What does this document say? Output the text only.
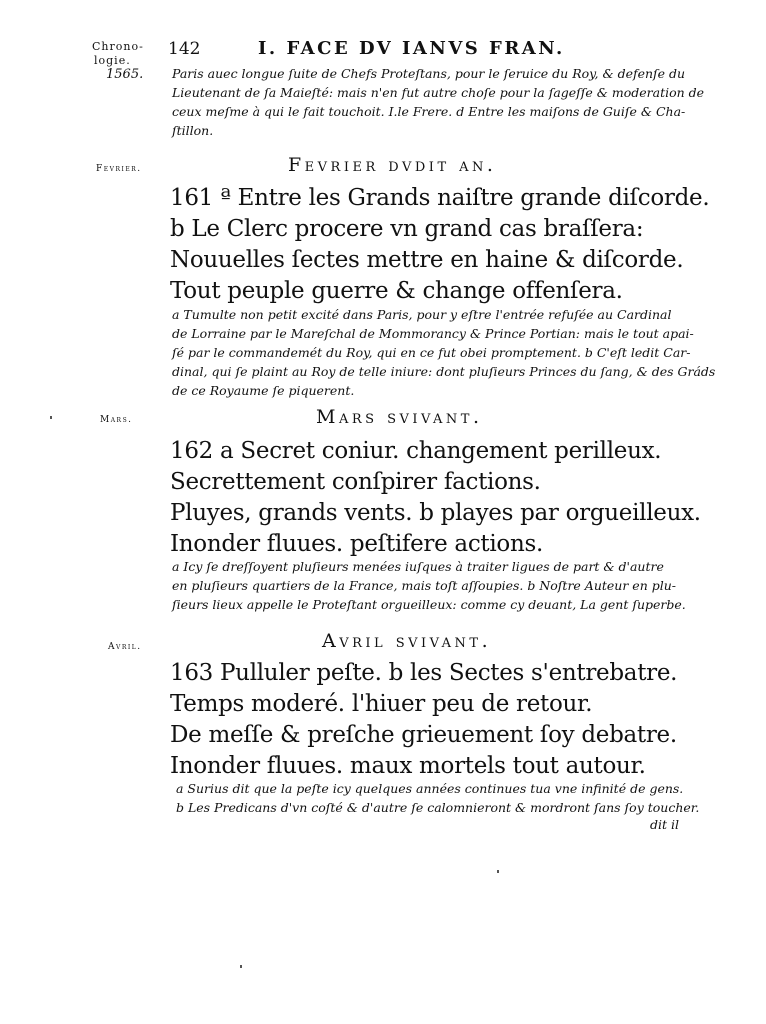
Chrono-
logie.
142	I. FACE DV IANVS FRAN.
1565. Paris auec longue ſuite de Chefs Proteſtans, pour le ſeruice du Roy, & defenſe du
Lieutenant de ſa Maieſté: mais n'en fut autre choſe pour la ſageſſe & moderation de
ceux meſme à qui le fait touchoit. I.le Frere. d Entre les maiſons de Guiſe & Cha-
ſtillon.
Fevrier.	Fevrier dvdit an.
161 ª Entre les Grands naiſtre grande diſcorde.
b Le Clerc procere vn grand cas braſſera:
Nouuelles ſectes mettre en haine & diſcorde.
Tout peuple guerre & change offenſera.
a Tumulte non petit excité dans Paris, pour y eſtre l'entrée refuſée au Cardinal
de Lorraine par le Mareſchal de Mommorancy & Prince Portian: mais le tout apai-
ſé par le commandemét du Roy, qui en ce fut obei promptement. b C'eſt ledit Car-
dinal, qui ſe plaint au Roy de telle iniure: dont pluſieurs Princes du ſang, & des Gráds
de ce Royaume ſe piquerent.
Mars.	Mars svivant.
162 a Secret coniur. changement perilleux.
Secrettement conſpirer factions.
Pluyes, grands vents. b playes par orgueilleux.
Inonder fluues. peſtifere actions.
a Icy ſe dreſſoyent pluſieurs menées iuſques à traiter ligues de part & d'autre
en pluſieurs quartiers de la France, mais toſt aſſoupies. b Noſtre Auteur en plu-
ſieurs lieux appelle le Proteſtant orgueilleux: comme cy deuant, La gent ſuperbe.
Avril.	Avril svivant.
163 Pulluler peſte. b les Sectes s'entrebatre.
Temps moderé. l'hiuer peu de retour.
De meſſe & preſche grieuement ſoy debatre.
Inonder fluues. maux mortels tout autour.
a Surius dit que la peſte icy quelques années continues tua vne infinité de gens.
b Les Predicans d'vn coſté & d'autre ſe calomnieront & mordront ſans ſoy toucher.
dit il
